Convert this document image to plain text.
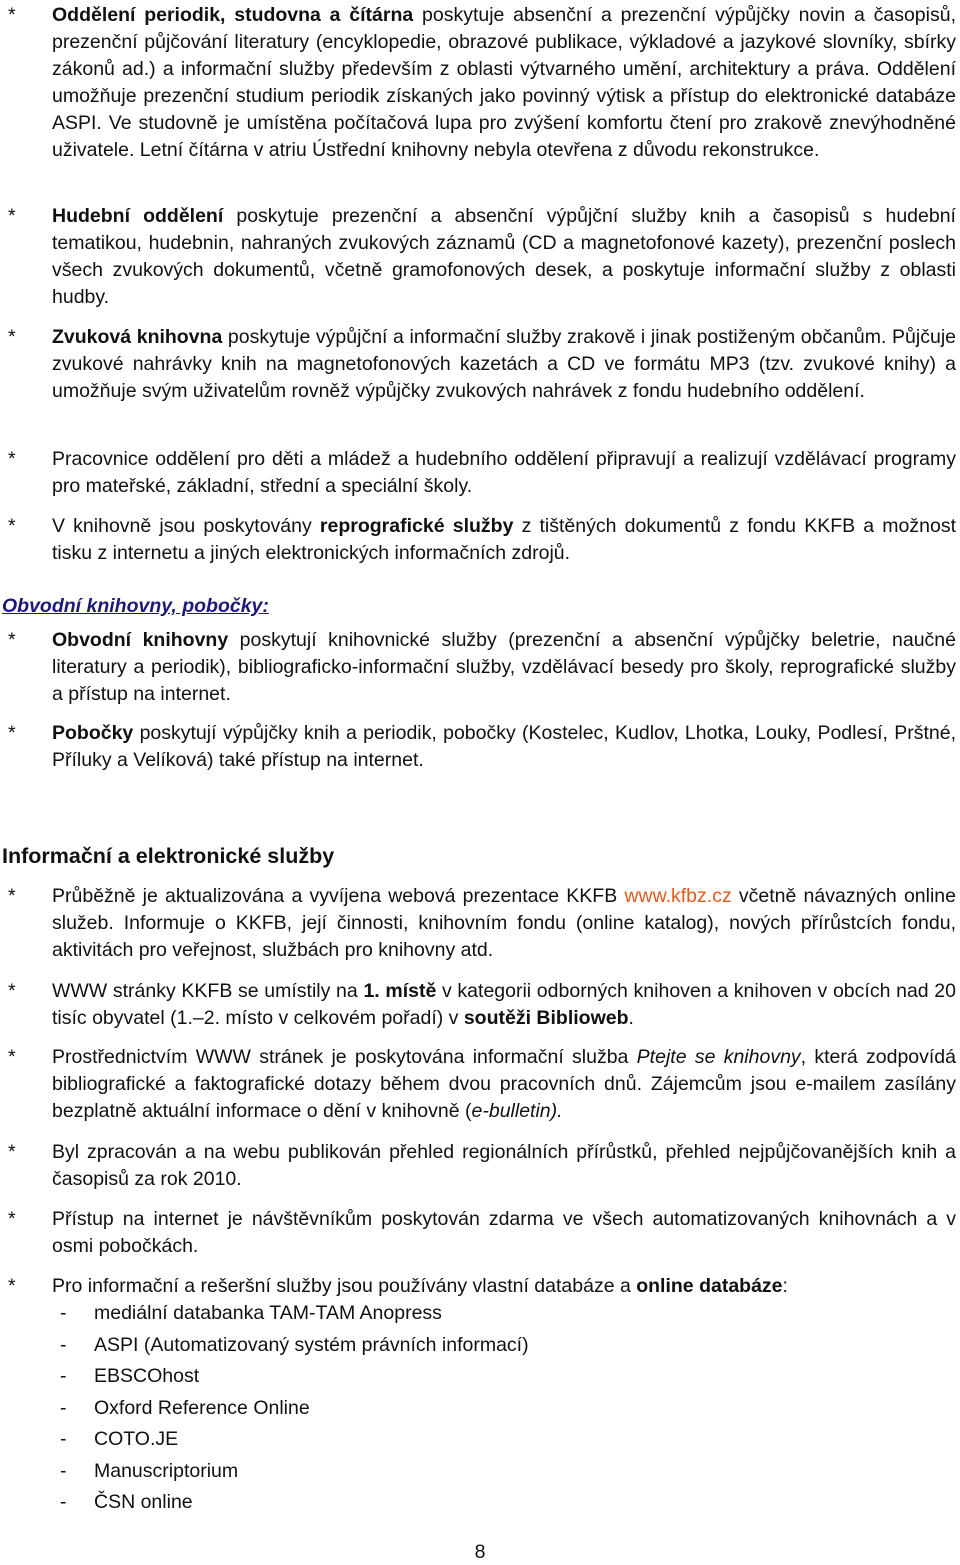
*	Oddělení periodik, studovna a čítárna poskytuje absenční a prezenční výpůjčky novin a časopisů, prezenční půjčování literatury (encyklopedie, obrazové publikace, výkladové a jazykové slovníky, sbírky zákonů ad.) a informační služby především z oblasti výtvarného umění, architektury a práva. Oddělení umožňuje prezenční studium periodik získaných jako povinný výtisk a přístup do elektronické databáze ASPI. Ve studovně je umístěna počítačová lupa pro zvýšení komfortu čtení pro zrakově znevýhodněné uživatele. Letní čítárna v atriu Ústřední knihovny nebyla otevřena z důvodu rekonstrukce.
*	Hudební oddělení poskytuje prezenční a absenční výpůjční služby knih a časopisů s hudební tematikou, hudebnin, nahraných zvukových záznamů (CD a magnetofonové kazety), prezenční poslech všech zvukových dokumentů, včetně gramofonových desek, a poskytuje informační služby z oblasti hudby.
*	Zvuková knihovna poskytuje výpůjční a informační služby zrakově i jinak postiženým občanům. Půjčuje zvukové nahrávky knih na magnetofonových kazetách a CD ve formátu MP3 (tzv. zvukové knihy) a umožňuje svým uživatelům rovněž výpůjčky zvukových nahrávek z fondu hudebního oddělení.
*	Pracovnice oddělení pro děti a mládež a hudebního oddělení připravují a realizují vzdělávací programy pro mateřské, základní, střední a speciální školy.
*	V knihovně jsou poskytovány reprografické služby z tištěných dokumentů z fondu KKFB a možnost tisku z internetu a jiných elektronických informačních zdrojů.
Obvodní knihovny, pobočky:
*	Obvodní knihovny poskytují knihovnické služby (prezenční a absenční výpůjčky beletrie, naučné literatury a periodik), bibliograficko-informační služby, vzdělávací besedy pro školy, reprografické služby a přístup na internet.
*	Pobočky poskytují výpůjčky knih a periodik, pobočky (Kostelec, Kudlov, Lhotka, Louky, Podlesí, Prštné, Příluky a Velíková) také přístup na internet.
Informační a elektronické služby
*	Průběžně je aktualizována a vyvíjena webová prezentace KKFB www.kfbz.cz včetně návazných online služeb. Informuje o KKFB, její činnosti, knihovním fondu (online katalog), nových přírůstcích fondu, aktivitách pro veřejnost, službách pro knihovny atd.
*	WWW stránky KKFB se umístily na 1. místě v kategorii odborných knihoven a knihoven v obcích nad 20 tisíc obyvatel (1.–2. místo v celkovém pořadí) v soutěži Biblioweb.
*	Prostřednictvím WWW stránek je poskytována informační služba Ptejte se knihovny, která zodpovídá bibliografické a faktografické dotazy během dvou pracovních dnů. Zájemcům jsou e-mailem zasílány bezplatně aktuální informace o dění v knihovně (e-bulletin).
*	Byl zpracován a na webu publikován přehled regionálních přírůstků, přehled nejpůjčovanějších knih a časopisů za rok 2010.
*	Přístup na internet je návštěvníkům poskytován zdarma ve všech automatizovaných knihovnách a v osmi pobočkách.
*	Pro informační a rešeršní služby jsou používány vlastní databáze a online databáze:
-	mediální databanka TAM-TAM Anopress
-	ASPI (Automatizovaný systém právních informací)
-	EBSCOhost
-	Oxford Reference Online
-	COTO.JE
-	Manuscriptorium
-	ČSN online
8
